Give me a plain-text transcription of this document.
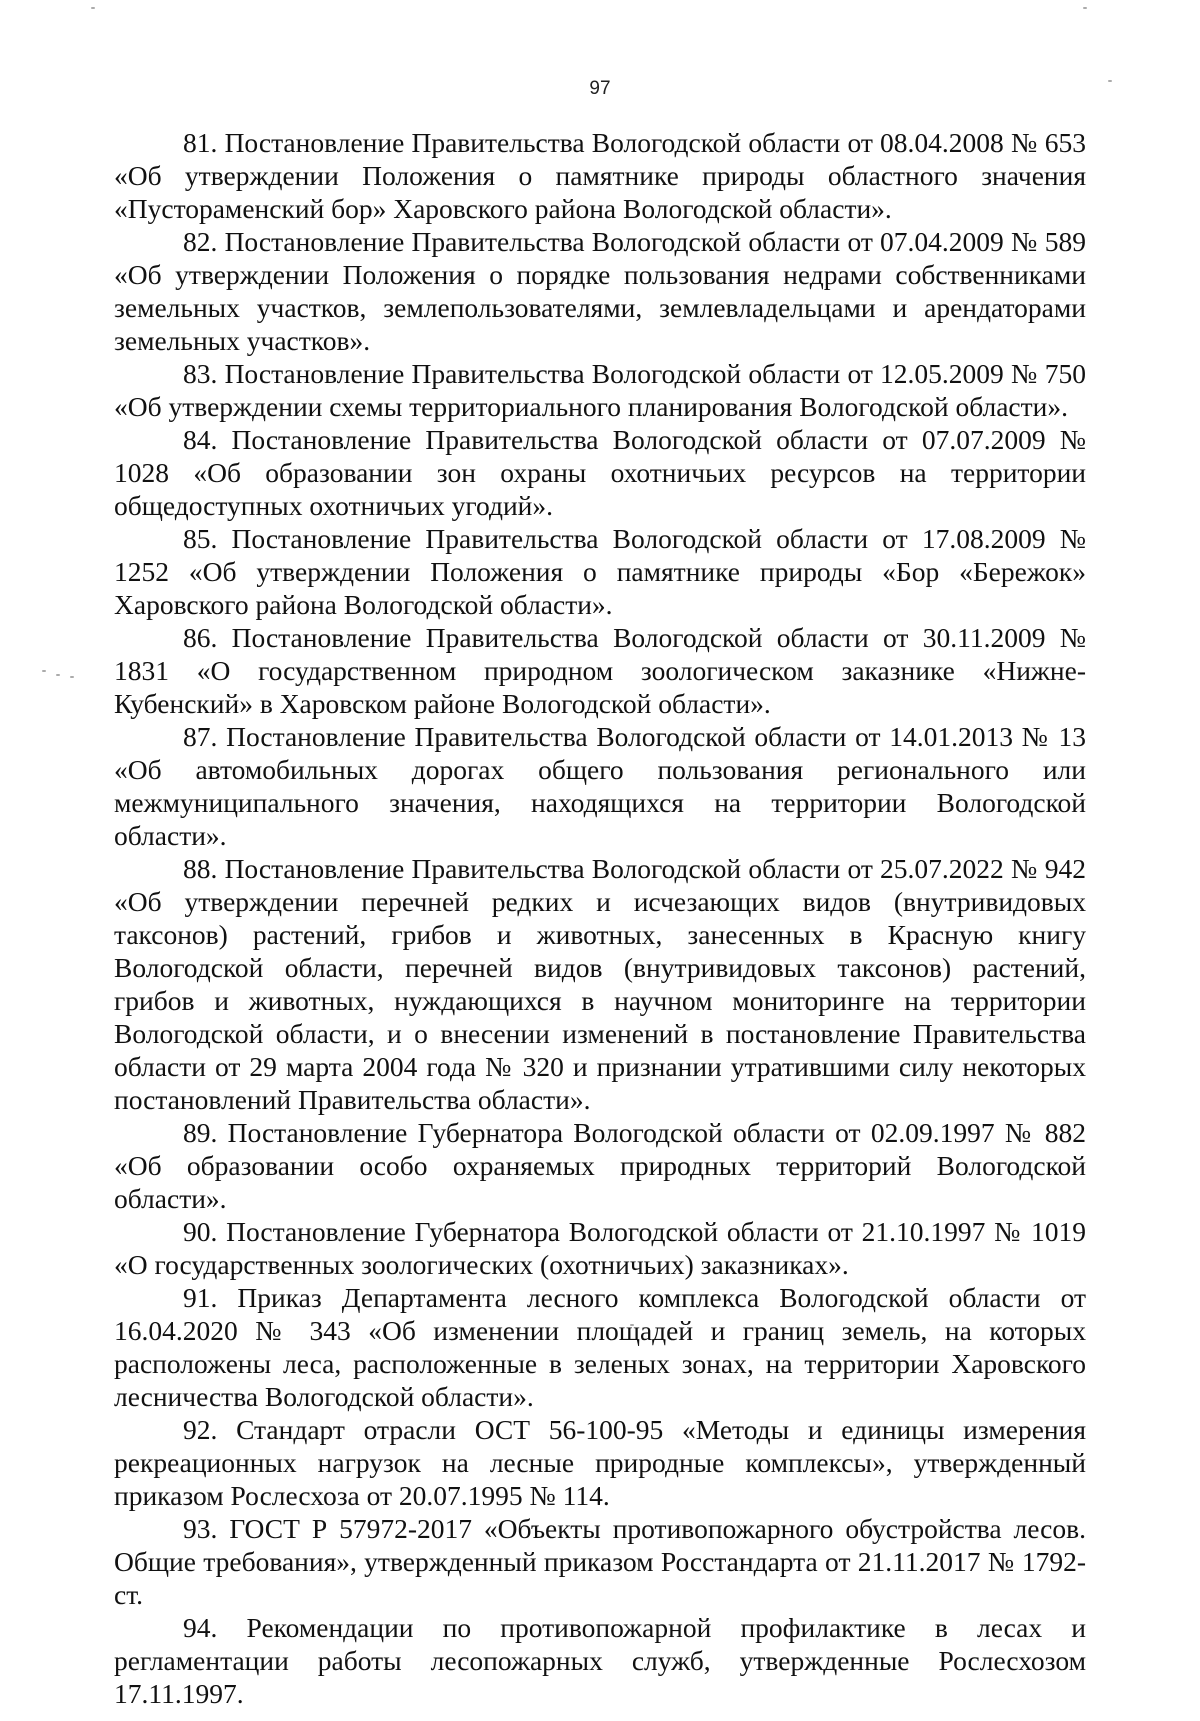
97

81. Постановление Правительства Вологодской области от 08.04.2008 № 653 «Об утверждении Положения о памятнике природы областного значения «Пустораменский бор» Харовского района Вологодской области».

82. Постановление Правительства Вологодской области от 07.04.2009 № 589 «Об утверждении Положения о порядке пользования недрами собственниками земельных участков, землепользователями, землевладельцами и арендаторами земельных участков».

83. Постановление Правительства Вологодской области от 12.05.2009 № 750 «Об утверждении схемы территориального планирования Вологодской области».

84. Постановление Правительства Вологодской области от 07.07.2009 № 1028 «Об образовании зон охраны охотничьих ресурсов на территории общедоступных охотничьих угодий».

85. Постановление Правительства Вологодской области от 17.08.2009 № 1252 «Об утверждении Положения о памятнике природы «Бор «Бережок» Харовского района Вологодской области».

86. Постановление Правительства Вологодской области от 30.11.2009 № 1831 «О государственном природном зоологическом заказнике «Нижне-Кубенский» в Харовском районе Вологодской области».

87. Постановление Правительства Вологодской области от 14.01.2013 № 13 «Об автомобильных дорогах общего пользования регионального или межмуниципального значения, находящихся на территории Вологодской области».

88. Постановление Правительства Вологодской области от 25.07.2022 № 942 «Об утверждении перечней редких и исчезающих видов (внутривидовых таксонов) растений, грибов и животных, занесенных в Красную книгу Вологодской области, перечней видов (внутривидовых таксонов) растений, грибов и животных, нуждающихся в научном мониторинге на территории Вологодской области, и о внесении изменений в постановление Правительства области от 29 марта 2004 года № 320 и признании утратившими силу некоторых постановлений Правительства области».

89. Постановление Губернатора Вологодской области от 02.09.1997 № 882 «Об образовании особо охраняемых природных территорий Вологодской области».

90. Постановление Губернатора Вологодской области от 21.10.1997 № 1019 «О государственных зоологических (охотничьих) заказниках».

91. Приказ Департамента лесного комплекса Вологодской области от 16.04.2020 № 343 «Об изменении площадей и границ земель, на которых расположены леса, расположенные в зеленых зонах, на территории Харовского лесничества Вологодской области».

92. Стандарт отрасли ОСТ 56-100-95 «Методы и единицы измерения рекреационных нагрузок на лесные природные комплексы», утвержденный приказом Рослесхоза от 20.07.1995 № 114.

93. ГОСТ Р 57972-2017 «Объекты противопожарного обустройства лесов. Общие требования», утвержденный приказом Росстандарта от 21.11.2017 № 1792-ст.

94. Рекомендации по противопожарной профилактике в лесах и регламентации работы лесопожарных служб, утвержденные Рослесхозом 17.11.1997.
